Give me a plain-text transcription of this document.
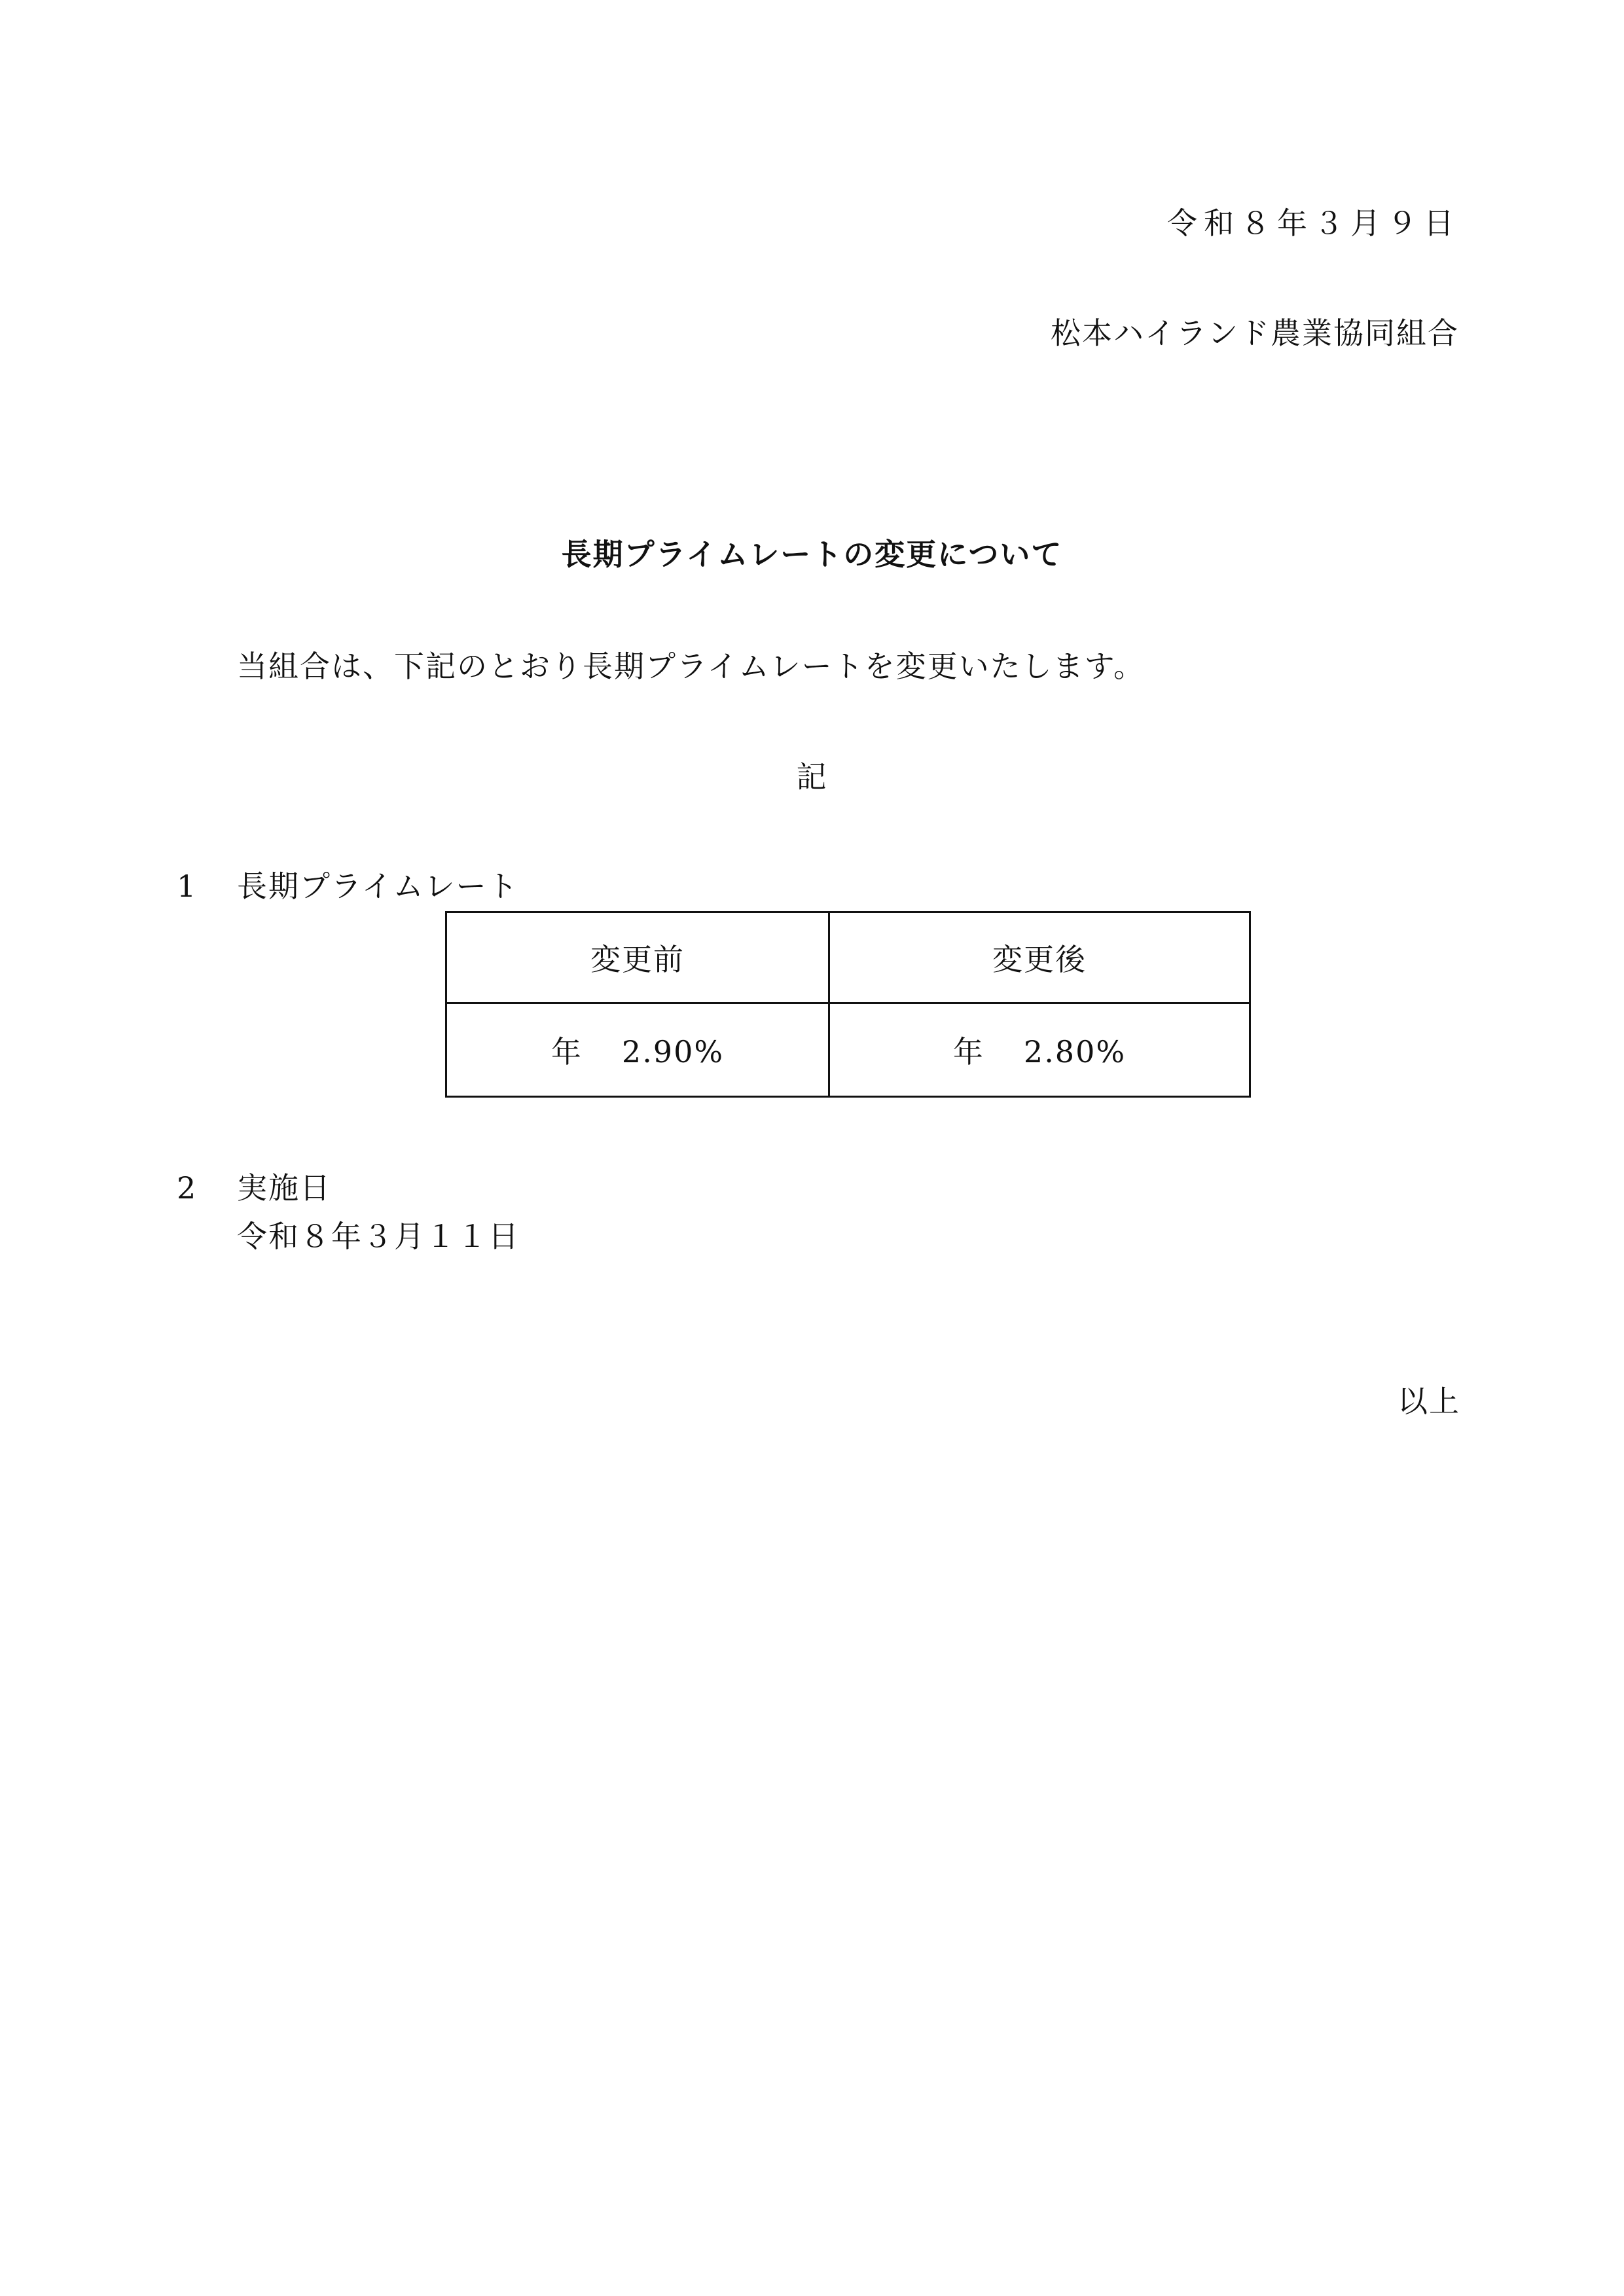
令和８年３月９日
松本ハイランド農業協同組合
長期プライムレートの変更について
当組合は、下記のとおり長期プライムレートを変更いたします。
記
1 長期プライムレート
変更前	変更後
年 2.90%	年 2.80%
2 実施日
令和８年３月１１日
以上
